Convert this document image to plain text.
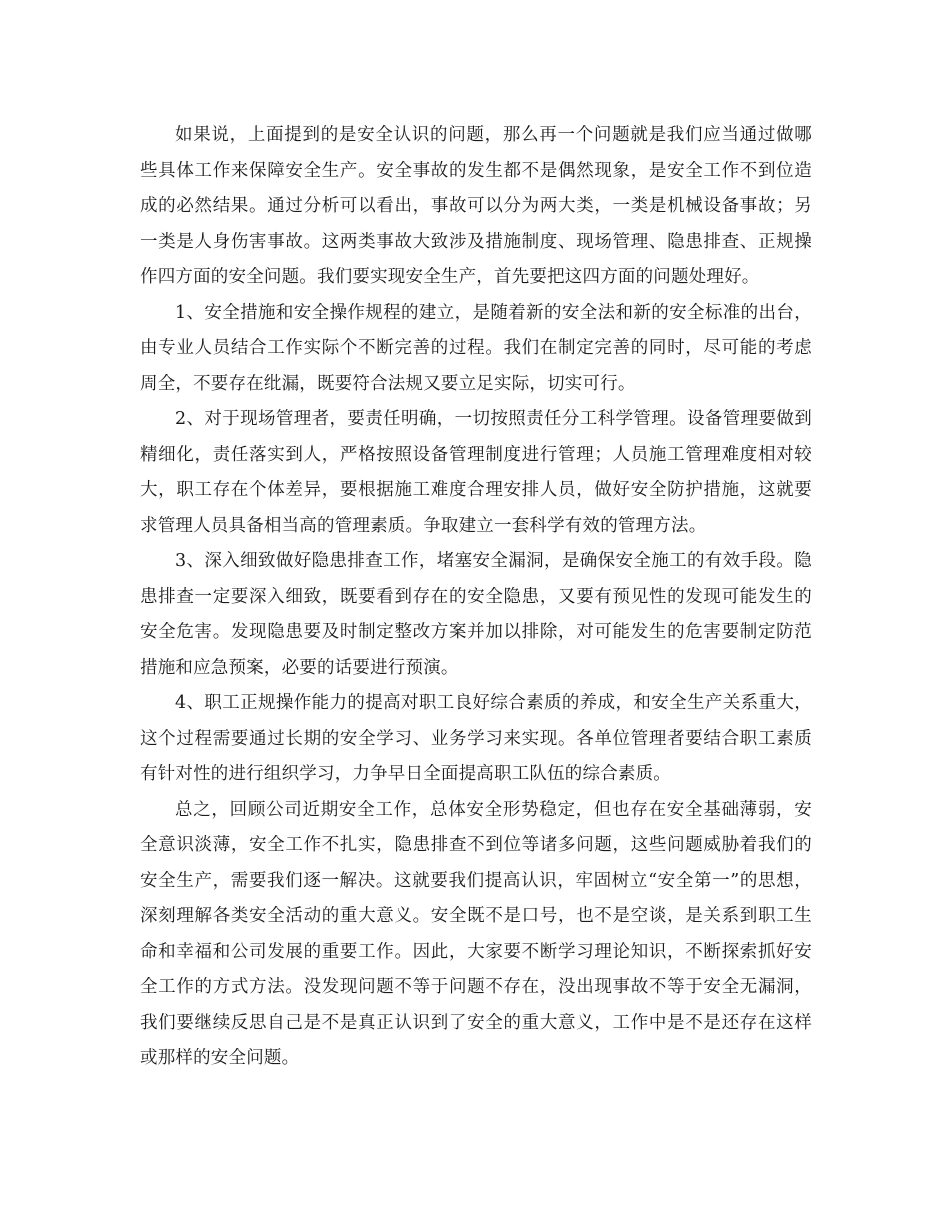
如果说，上面提到的是安全认识的问题，那么再一个问题就是我们应当通过做哪些具体工作来保障安全生产。安全事故的发生都不是偶然现象，是安全工作不到位造成的必然结果。通过分析可以看出，事故可以分为两大类，一类是机械设备事故；另一类是人身伤害事故。这两类事故大致涉及措施制度、现场管理、隐患排查、正规操作四方面的安全问题。我们要实现安全生产，首先要把这四方面的问题处理好。

1、安全措施和安全操作规程的建立，是随着新的安全法和新的安全标准的出台，由专业人员结合工作实际个不断完善的过程。我们在制定完善的同时，尽可能的考虑周全，不要存在纰漏，既要符合法规又要立足实际，切实可行。

2、对于现场管理者，要责任明确，一切按照责任分工科学管理。设备管理要做到精细化，责任落实到人，严格按照设备管理制度进行管理；人员施工管理难度相对较大，职工存在个体差异，要根据施工难度合理安排人员，做好安全防护措施，这就要求管理人员具备相当高的管理素质。争取建立一套科学有效的管理方法。

3、深入细致做好隐患排查工作，堵塞安全漏洞，是确保安全施工的有效手段。隐患排查一定要深入细致，既要看到存在的安全隐患，又要有预见性的发现可能发生的安全危害。发现隐患要及时制定整改方案并加以排除，对可能发生的危害要制定防范措施和应急预案，必要的话要进行预演。

4、职工正规操作能力的提高对职工良好综合素质的养成，和安全生产关系重大，这个过程需要通过长期的安全学习、业务学习来实现。各单位管理者要结合职工素质有针对性的进行组织学习，力争早日全面提高职工队伍的综合素质。

总之，回顾公司近期安全工作，总体安全形势稳定，但也存在安全基础薄弱，安全意识淡薄，安全工作不扎实，隐患排查不到位等诸多问题，这些问题威胁着我们的安全生产，需要我们逐一解决。这就要我们提高认识，牢固树立“安全第一”的思想，深刻理解各类安全活动的重大意义。安全既不是口号，也不是空谈，是关系到职工生命和幸福和公司发展的重要工作。因此，大家要不断学习理论知识，不断探索抓好安全工作的方式方法。没发现问题不等于问题不存在，没出现事故不等于安全无漏洞，我们要继续反思自己是不是真正认识到了安全的重大意义，工作中是不是还存在这样或那样的安全问题。
